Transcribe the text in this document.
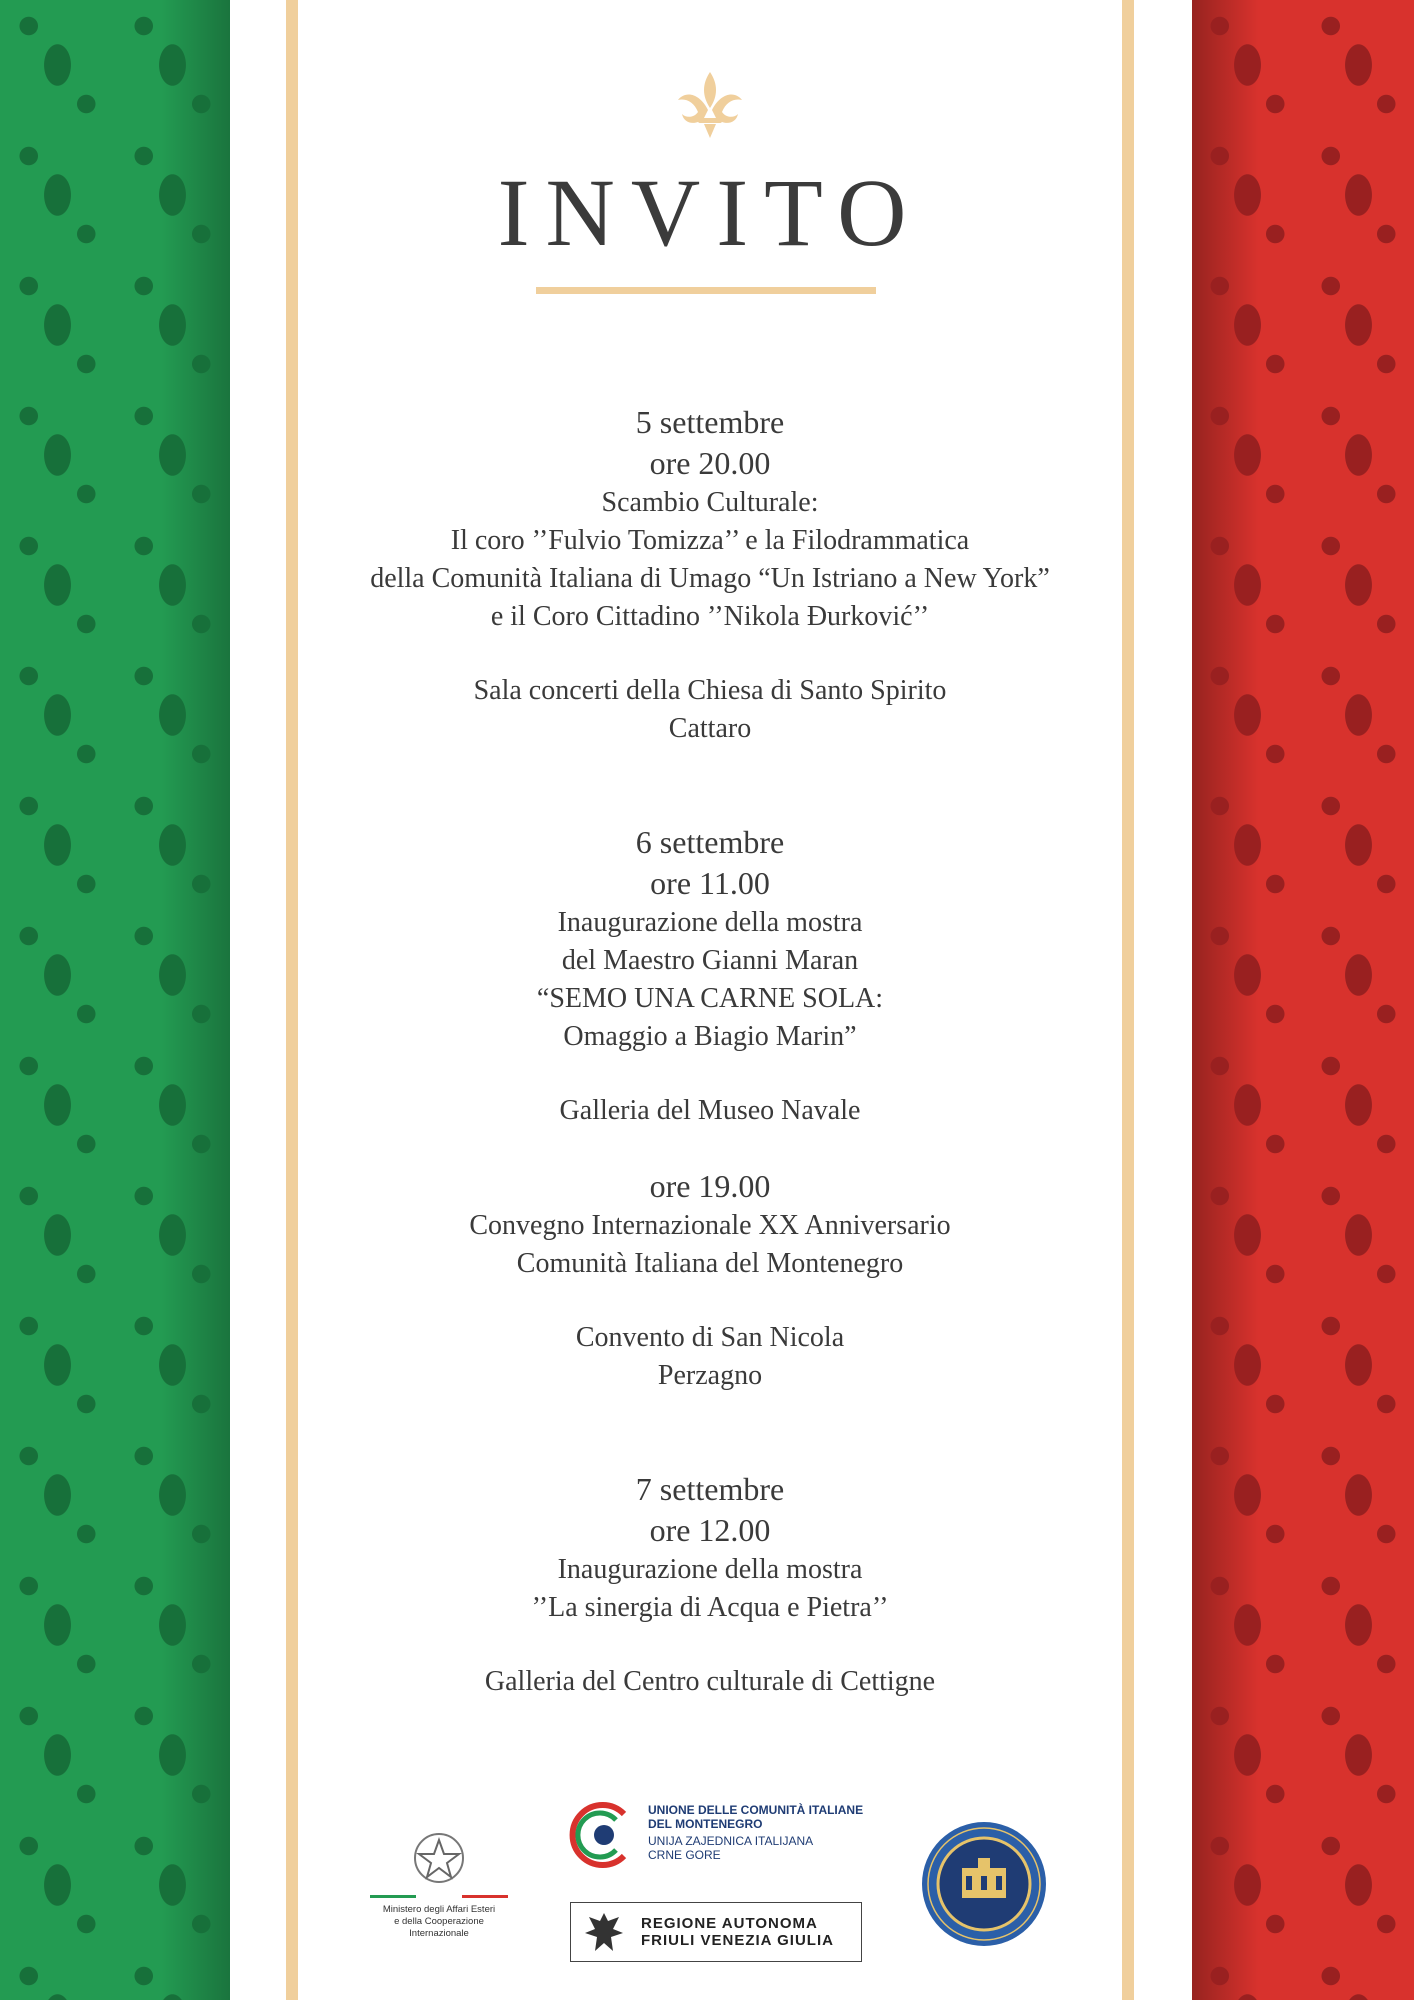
INVITO
5 settembre
ore 20.00
Scambio Culturale:
Il coro ’’Fulvio Tomizza’’ e la Filodrammatica
della Comunità Italiana di Umago “Un Istriano a New York”
e il Coro Cittadino ’’Nikola Đurković’’
Sala concerti della Chiesa di Santo Spirito
Cattaro
6 settembre
ore 11.00
Inaugurazione della mostra
del Maestro Gianni Maran
“SEMO UNA CARNE SOLA:
Omaggio a Biagio Marin”
Galleria del Museo Navale
ore 19.00
Convegno Internazionale XX Anniversario
Comunità Italiana del Montenegro
Convento di San Nicola
Perzagno
7 settembre
ore 12.00
Inaugurazione della mostra
’’La sinergia di Acqua e Pietra’’
Galleria del Centro culturale di Cettigne
Ministero degli Affari Esteri
e della Cooperazione Internazionale
UNIONE DELLE COMUNITÀ ITALIANE
DEL MONTENEGRO
UNIJA ZAJEDNICA ITALIJANA
CRNE GORE
REGIONE AUTONOMA
FRIULI VENEZIA GIULIA
